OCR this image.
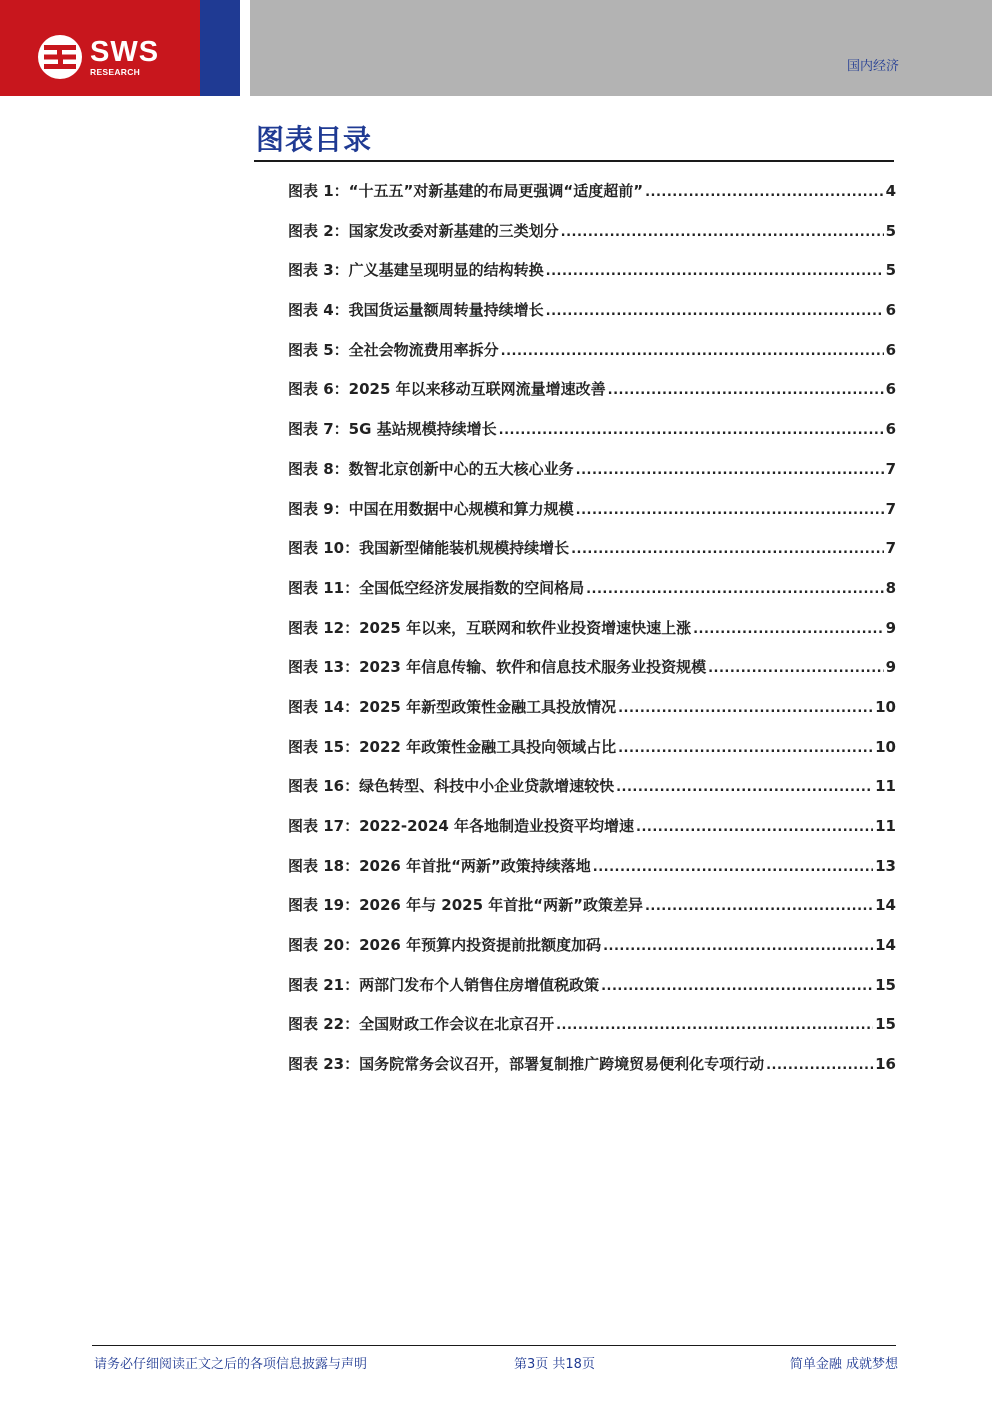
SWS
RESEARCH	国内经济
图表目录
图表 1：“十五五”对新基建的布局更强调“适度超前” .....	4
图表 2：国家发改委对新基建的三类划分 .....	5
图表 3：广义基建呈现明显的结构转换 .....	5
图表 4：我国货运量额周转量持续增长 .....	6
图表 5：全社会物流费用率拆分 .....	6
图表 6：2025 年以来移动互联网流量增速改善 .....	6
图表 7：5G 基站规模持续增长 .....	6
图表 8：数智北京创新中心的五大核心业务 .....	7
图表 9：中国在用数据中心规模和算力规模 .....	7
图表 10：我国新型储能装机规模持续增长 .....	7
图表 11：全国低空经济发展指数的空间格局 .....	8
图表 12：2025 年以来，互联网和软件业投资增速快速上涨 .....	9
图表 13：2023 年信息传输、软件和信息技术服务业投资规模 .....	9
图表 14：2025 年新型政策性金融工具投放情况 .....	10
图表 15：2022 年政策性金融工具投向领域占比 .....	10
图表 16：绿色转型、科技中小企业贷款增速较快 .....	11
图表 17：2022-2024 年各地制造业投资平均增速 .....	11
图表 18：2026 年首批“两新”政策持续落地 .....	13
图表 19：2026 年与 2025 年首批“两新”政策差异 .....	14
图表 20：2026 年预算内投资提前批额度加码 .....	14
图表 21：两部门发布个人销售住房增值税政策 .....	15
图表 22：全国财政工作会议在北京召开 .....	15
图表 23：国务院常务会议召开，部署复制推广跨境贸易便利化专项行动 .....	16
请务必仔细阅读正文之后的各项信息披露与声明	第3页 共18页	简单金融 成就梦想
